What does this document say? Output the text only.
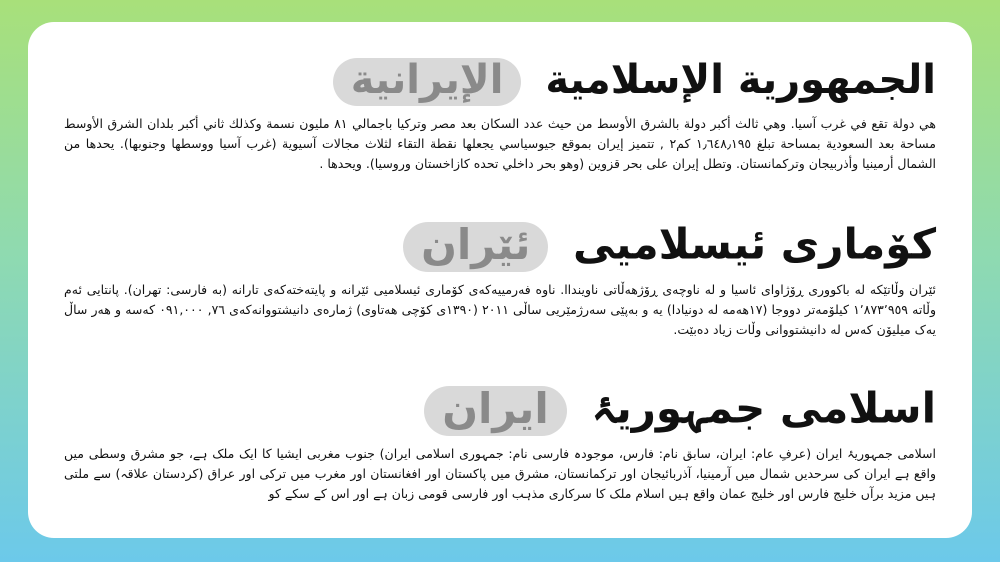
الجمهورية الإسلامية الإيرانية

هي دولة تقع في غرب آسيا. وهي ثالث أكبر دولة بالشرق الأوسط من حيث عدد السكان بعد مصر وتركيا باجمالي ٨١ مليون نسمة وكذلك ثاني أكبر بلدان الشرق الأوسط مساحة بعد السعودية بمساحة تبلغ ١٫٦٤٨٫١٩٥ كم٢ , تتميز إيران بموقع جيوسياسي يجعلها نقطة التقاء لثلاث مجالات آسيوية (غرب آسيا ووسطها وجنوبها). يحدها من الشمال أرمينيا وأذربيجان وتركمانستان. وتطل إيران على بحر قزوين (وهو بحر داخلي تحده كازاخستان وروسيا). ويحدها .

كۆماری ئیسلامیی ئێران

ئێران وڵاتێکە لە باکووری ڕۆژاوای ئاسیا و لە ناوچەی ڕۆژھەڵاتی ناوینداا. ناوە فەرمییەکەی کۆماری ئیسلامیی ئێرانە و پایتەختەکەی تارانە (بە فارسی: تهران). پانتایی ئەم وڵاتە ١٬٨٧٣٬٩٥٩ کیلۆمەتر دووجا (١٧ھەمە لە دونیادا) یە و بەپێی سەرژمێریی ساڵی ٢٠١١ (١٣٩٠ی کۆچی ھەتاوی) ژمارەی دانیشتووانەکەی ٧٦, ٠٩١,٠٠٠ کەسە و ھەر ساڵ یەک میلیۆن کەس لە دانیشتووانی وڵات زیاد دەبێت.

اسلامی جمہوریۂ ایران

اسلامی جمہوریۂ ایران (عرفِ عام: ایران، سابق نام: فارس، موجودہ فارسی نام: جمہوری اسلامی ایران) جنوب مغربی ایشیا کا ایک ملک ہے، جو مشرق وسطی میں واقع ہے ایران کی سرحدیں شمال میں آرمینیا، آذربائیجان اور ترکمانستان، مشرق میں پاکستان اور افغانستان اور مغرب میں ترکی اور عراق (کردستان علاقہ) سے ملتی ہیں مزید برآں خلیج فارس اور خلیج عمان واقع ہیں اسلام ملک کا سرکاری مذہب اور فارسی قومی زبان ہے اور اس کے سکے کو
